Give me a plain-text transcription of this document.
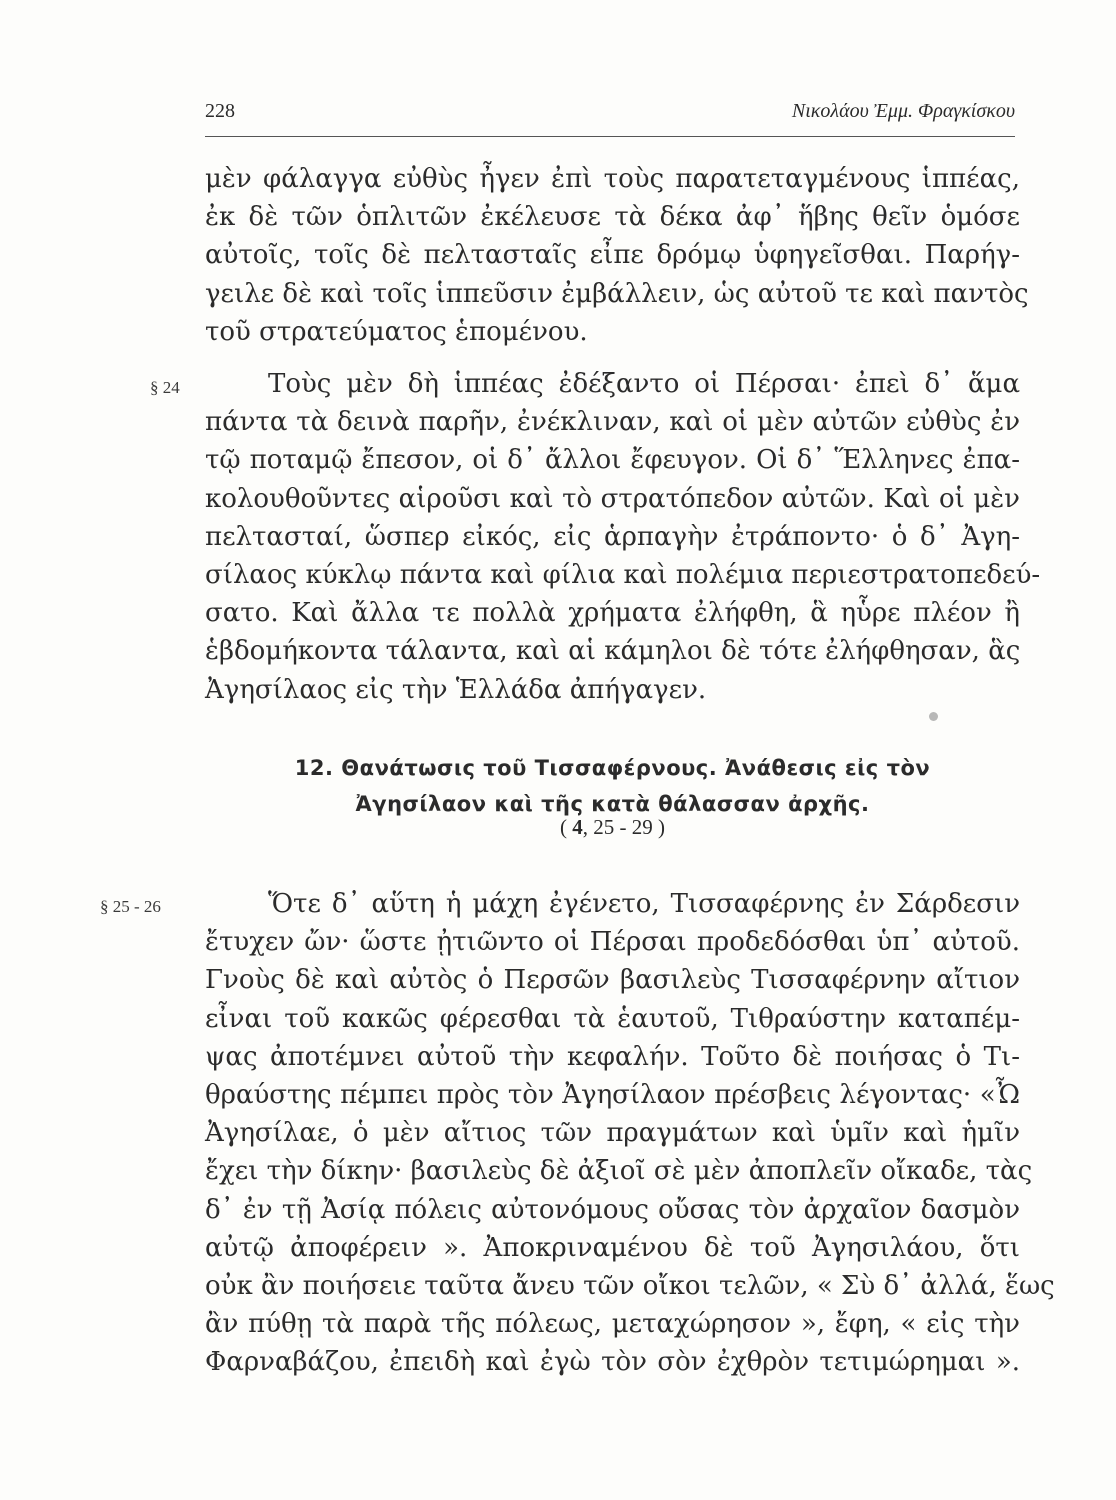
228	Νικολάου Ἐμμ. Φραγκίσκου
μὲν φάλαγγα εὐθὺς ἦγεν ἐπὶ τοὺς παρατεταγμένους ἱππέας,
ἐκ δὲ τῶν ὁπλιτῶν ἐκέλευσε τὰ δέκα ἀφ᾽ ἥβης θεῖν ὁμόσε
αὐτοῖς, τοῖς δὲ πελτασταῖς εἶπε δρόμῳ ὑφηγεῖσθαι. Παρήγ-
γειλε δὲ καὶ τοῖς ἱππεῦσιν ἐμβάλλειν, ὡς αὐτοῦ τε καὶ παντὸς
τοῦ στρατεύματος ἑπομένου.
§ 24	Τοὺς μὲν δὴ ἱππέας ἐδέξαντο οἱ Πέρσαι· ἐπεὶ δ᾽ ἅμα
πάντα τὰ δεινὰ παρῆν, ἐνέκλιναν, καὶ οἱ μὲν αὐτῶν εὐθὺς ἐν
τῷ ποταμῷ ἔπεσον, οἱ δ᾽ ἄλλοι ἔφευγον. Οἱ δ᾽ Ἕλληνες ἐπα-
κολουθοῦντες αἱροῦσι καὶ τὸ στρατόπεδον αὐτῶν. Καὶ οἱ μὲν
πελτασταί, ὥσπερ εἰκός, εἰς ἁρπαγὴν ἐτράποντο· ὁ δ᾽ Ἀγη-
σίλαος κύκλῳ πάντα καὶ φίλια καὶ πολέμια περιεστρατοπεδεύ-
σατο. Καὶ ἄλλα τε πολλὰ χρήματα ἐλήφθη, ἃ ηὗρε πλέον ἢ
ἑβδομήκοντα τάλαντα, καὶ αἱ κάμηλοι δὲ τότε ἐλήφθησαν, ἃς
Ἀγησίλαος εἰς τὴν Ἑλλάδα ἀπήγαγεν.
12. Θανάτωσις τοῦ Τισσαφέρνους. Ἀνάθεσις εἰς τὸν
Ἀγησίλαον καὶ τῆς κατὰ θάλασσαν ἀρχῆς.
( 4, 25 - 29 )
§ 25 - 26	Ὅτε δ᾽ αὕτη ἡ μάχη ἐγένετο, Τισσαφέρνης ἐν Σάρδεσιν
ἔτυχεν ὤν· ὥστε ᾐτιῶντο οἱ Πέρσαι προδεδόσθαι ὑπ᾽ αὐτοῦ.
Γνοὺς δὲ καὶ αὐτὸς ὁ Περσῶν βασιλεὺς Τισσαφέρνην αἴτιον
εἶναι τοῦ κακῶς φέρεσθαι τὰ ἑαυτοῦ, Τιθραύστην καταπέμ-
ψας ἀποτέμνει αὐτοῦ τὴν κεφαλήν. Τοῦτο δὲ ποιήσας ὁ Τι-
θραύστης πέμπει πρὸς τὸν Ἀγησίλαον πρέσβεις λέγοντας· «Ὦ
Ἀγησίλαε, ὁ μὲν αἴτιος τῶν πραγμάτων καὶ ὑμῖν καὶ ἡμῖν
ἔχει τὴν δίκην· βασιλεὺς δὲ ἀξιοῖ σὲ μὲν ἀποπλεῖν οἴκαδε, τὰς
δ᾽ ἐν τῇ Ἀσίᾳ πόλεις αὐτονόμους οὔσας τὸν ἀρχαῖον δασμὸν
αὐτῷ ἀποφέρειν ». Ἀποκριναμένου δὲ τοῦ Ἀγησιλάου, ὅτι
οὐκ ἂν ποιήσειε ταῦτα ἄνευ τῶν οἴκοι τελῶν, « Σὺ δ᾽ ἀλλά, ἕως
ἂν πύθῃ τὰ παρὰ τῆς πόλεως, μεταχώρησον », ἔφη, « εἰς τὴν
Φαρναβάζου, ἐπειδὴ καὶ ἐγὼ τὸν σὸν ἐχθρὸν τετιμώρημαι ».
